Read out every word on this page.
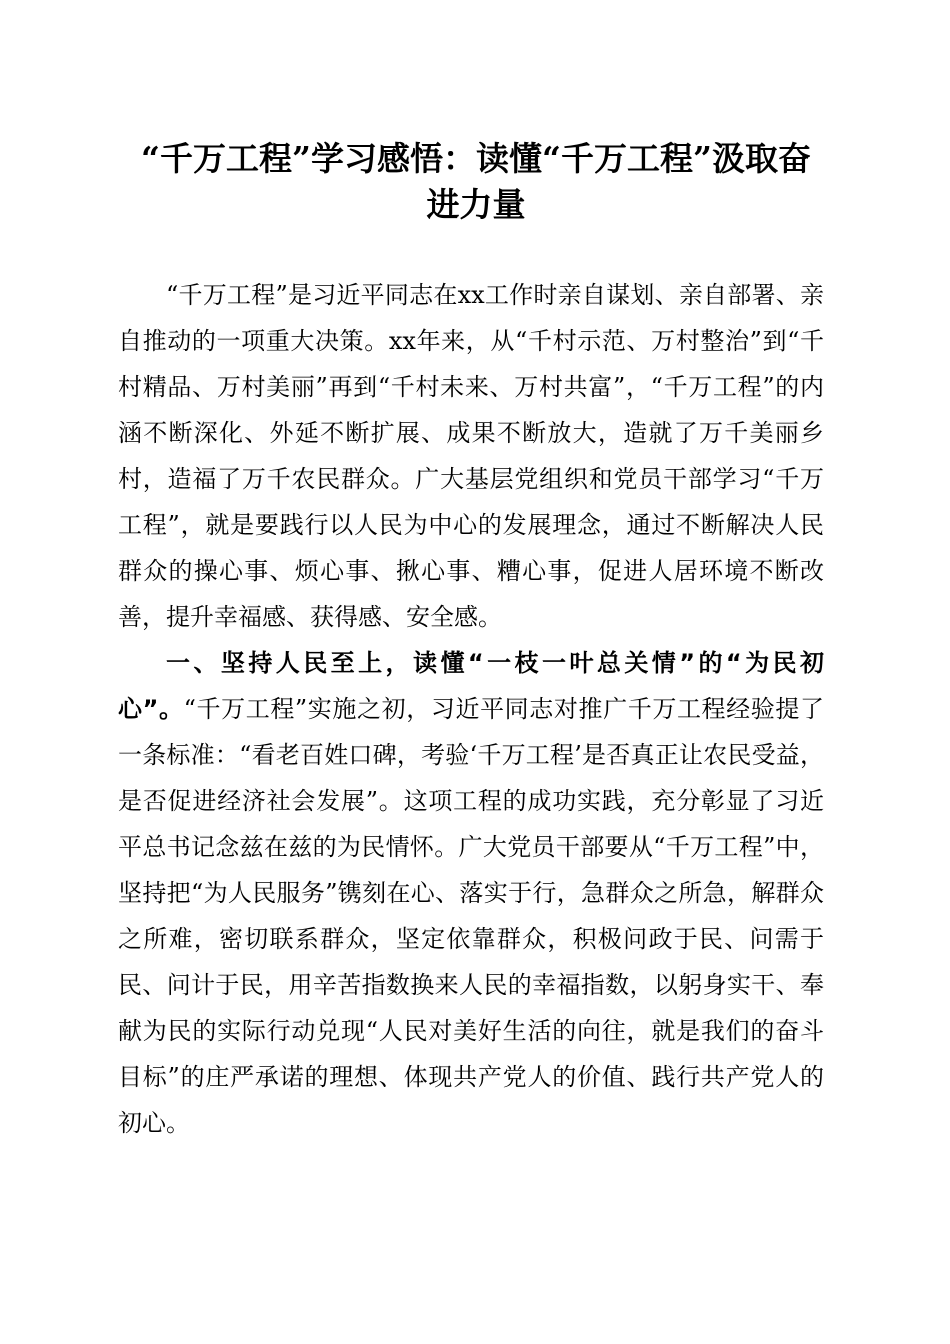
“千万工程”学习感悟：读懂“千万工程”汲取奋进力量

“千万工程”是习近平同志在xx工作时亲自谋划、亲自部署、亲自推动的一项重大决策。xx年来，从“千村示范、万村整治”到“千村精品、万村美丽”再到“千村未来、万村共富”，“千万工程”的内涵不断深化、外延不断扩展、成果不断放大，造就了万千美丽乡村，造福了万千农民群众。广大基层党组织和党员干部学习“千万工程”，就是要践行以人民为中心的发展理念，通过不断解决人民群众的操心事、烦心事、揪心事、糟心事，促进人居环境不断改善，提升幸福感、获得感、安全感。

一、坚持人民至上，读懂“一枝一叶总关情”的“为民初心”。“千万工程”实施之初，习近平同志对推广千万工程经验提了一条标准：“看老百姓口碑，考验‘千万工程’是否真正让农民受益，是否促进经济社会发展”。这项工程的成功实践，充分彰显了习近平总书记念兹在兹的为民情怀。广大党员干部要从“千万工程”中，坚持把“为人民服务”镌刻在心、落实于行，急群众之所急，解群众之所难，密切联系群众，坚定依靠群众，积极问政于民、问需于民、问计于民，用辛苦指数换来人民的幸福指数，以躬身实干、奉献为民的实际行动兑现“人民对美好生活的向往，就是我们的奋斗目标”的庄严承诺的理想、体现共产党人的价值、践行共产党人的初心。
